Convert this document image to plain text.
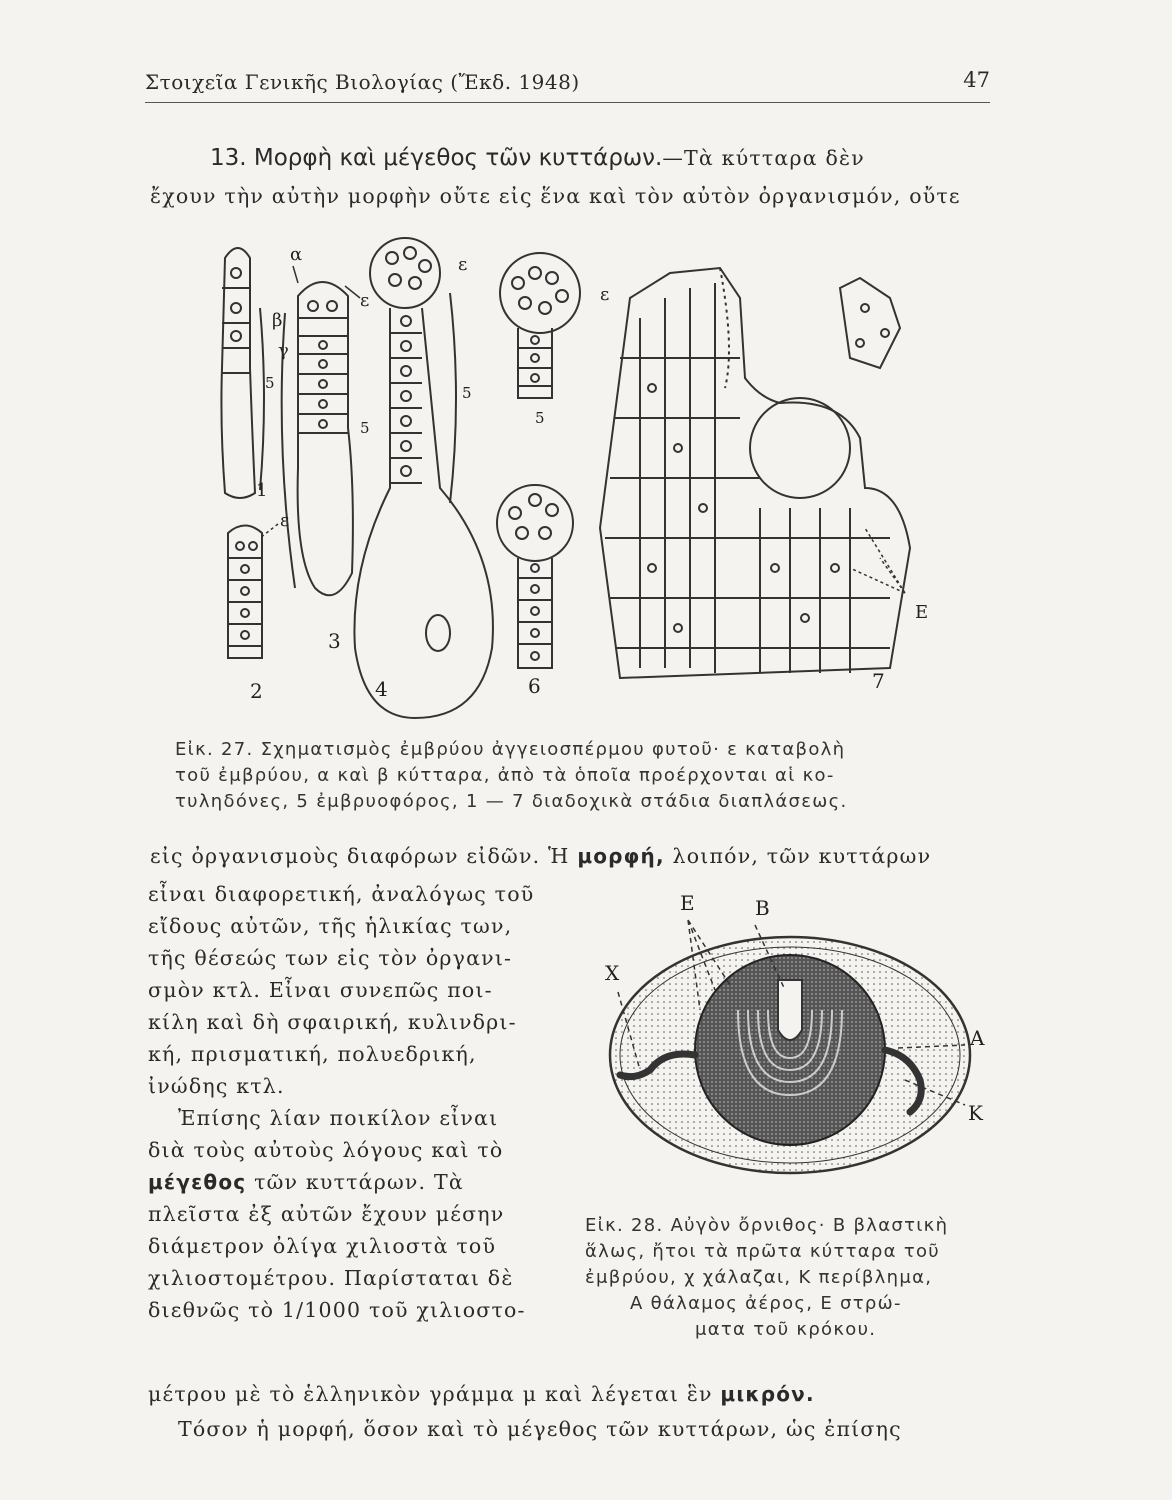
Στοιχεῖα Γενικῆς Βιολογίας (Ἔκδ. 1948)	47
13. Μορφὴ καὶ μέγεθος τῶν κυττάρων.—Τὰ κύτταρα δὲν
ἔχουν τὴν αὐτὴν μορφὴν οὔτε εἰς ἕνα καὶ τὸν αὐτὸν ὀργανισμόν, οὔτε
α
β
γ
ε
ε
ε
ε
Ε
5
5
5
5
1
2
3
4	6	7
Εἰκ. 27. Σχηματισμὸς ἐμβρύου ἀγγειοσπέρμου φυτοῦ· ε καταβολὴ
τοῦ ἐμβρύου, α καὶ β κύτταρα, ἀπὸ τὰ ὁποῖα προέρχονται αἱ κο-
τυληδόνες, 5 ἐμβρυοφόρος, 1 — 7 διαδοχικὰ στάδια διαπλάσεως.
εἰς ὀργανισμοὺς διαφόρων εἰδῶν. Ἡ μορφή, λοιπόν, τῶν κυττάρων
εἶναι διαφορετική, ἀναλόγως τοῦ
εἴδους αὐτῶν, τῆς ἡλικίας των,
τῆς θέσεώς των εἰς τὸν ὀργανι-
σμὸν κτλ. Εἶναι συνεπῶς ποι-
κίλη καὶ δὴ σφαιρική, κυλινδρι-
κή, πρισματική, πολυεδρική,
ἰνώδης κτλ.
Ἐπίσης λίαν ποικίλον εἶναι
διὰ τοὺς αὐτοὺς λόγους καὶ τὸ
μέγεθος τῶν κυττάρων. Τὰ
πλεῖστα ἐξ αὐτῶν ἔχουν μέσην
διάμετρον ὀλίγα χιλιοστὰ τοῦ
χιλιοστομέτρου. Παρίσταται δὲ
διεθνῶς τὸ 1/1000 τοῦ χιλιοστο-
E	B
X
A
K
Εἰκ. 28. Αὐγὸν ὄρνιθος· Β βλαστικὴ
ἅλως, ἤτοι τὰ πρῶτα κύτταρα τοῦ
ἐμβρύου, χ χάλαζαι, Κ περίβλημα,
Α θάλαμος ἀέρος, Ε στρώ-
ματα τοῦ κρόκου.
μέτρου μὲ τὸ ἑλληνικὸν γράμμα μ καὶ λέγεται ἓν μικρόν.
Τόσον ἡ μορφή, ὅσον καὶ τὸ μέγεθος τῶν κυττάρων, ὡς ἐπίσης
